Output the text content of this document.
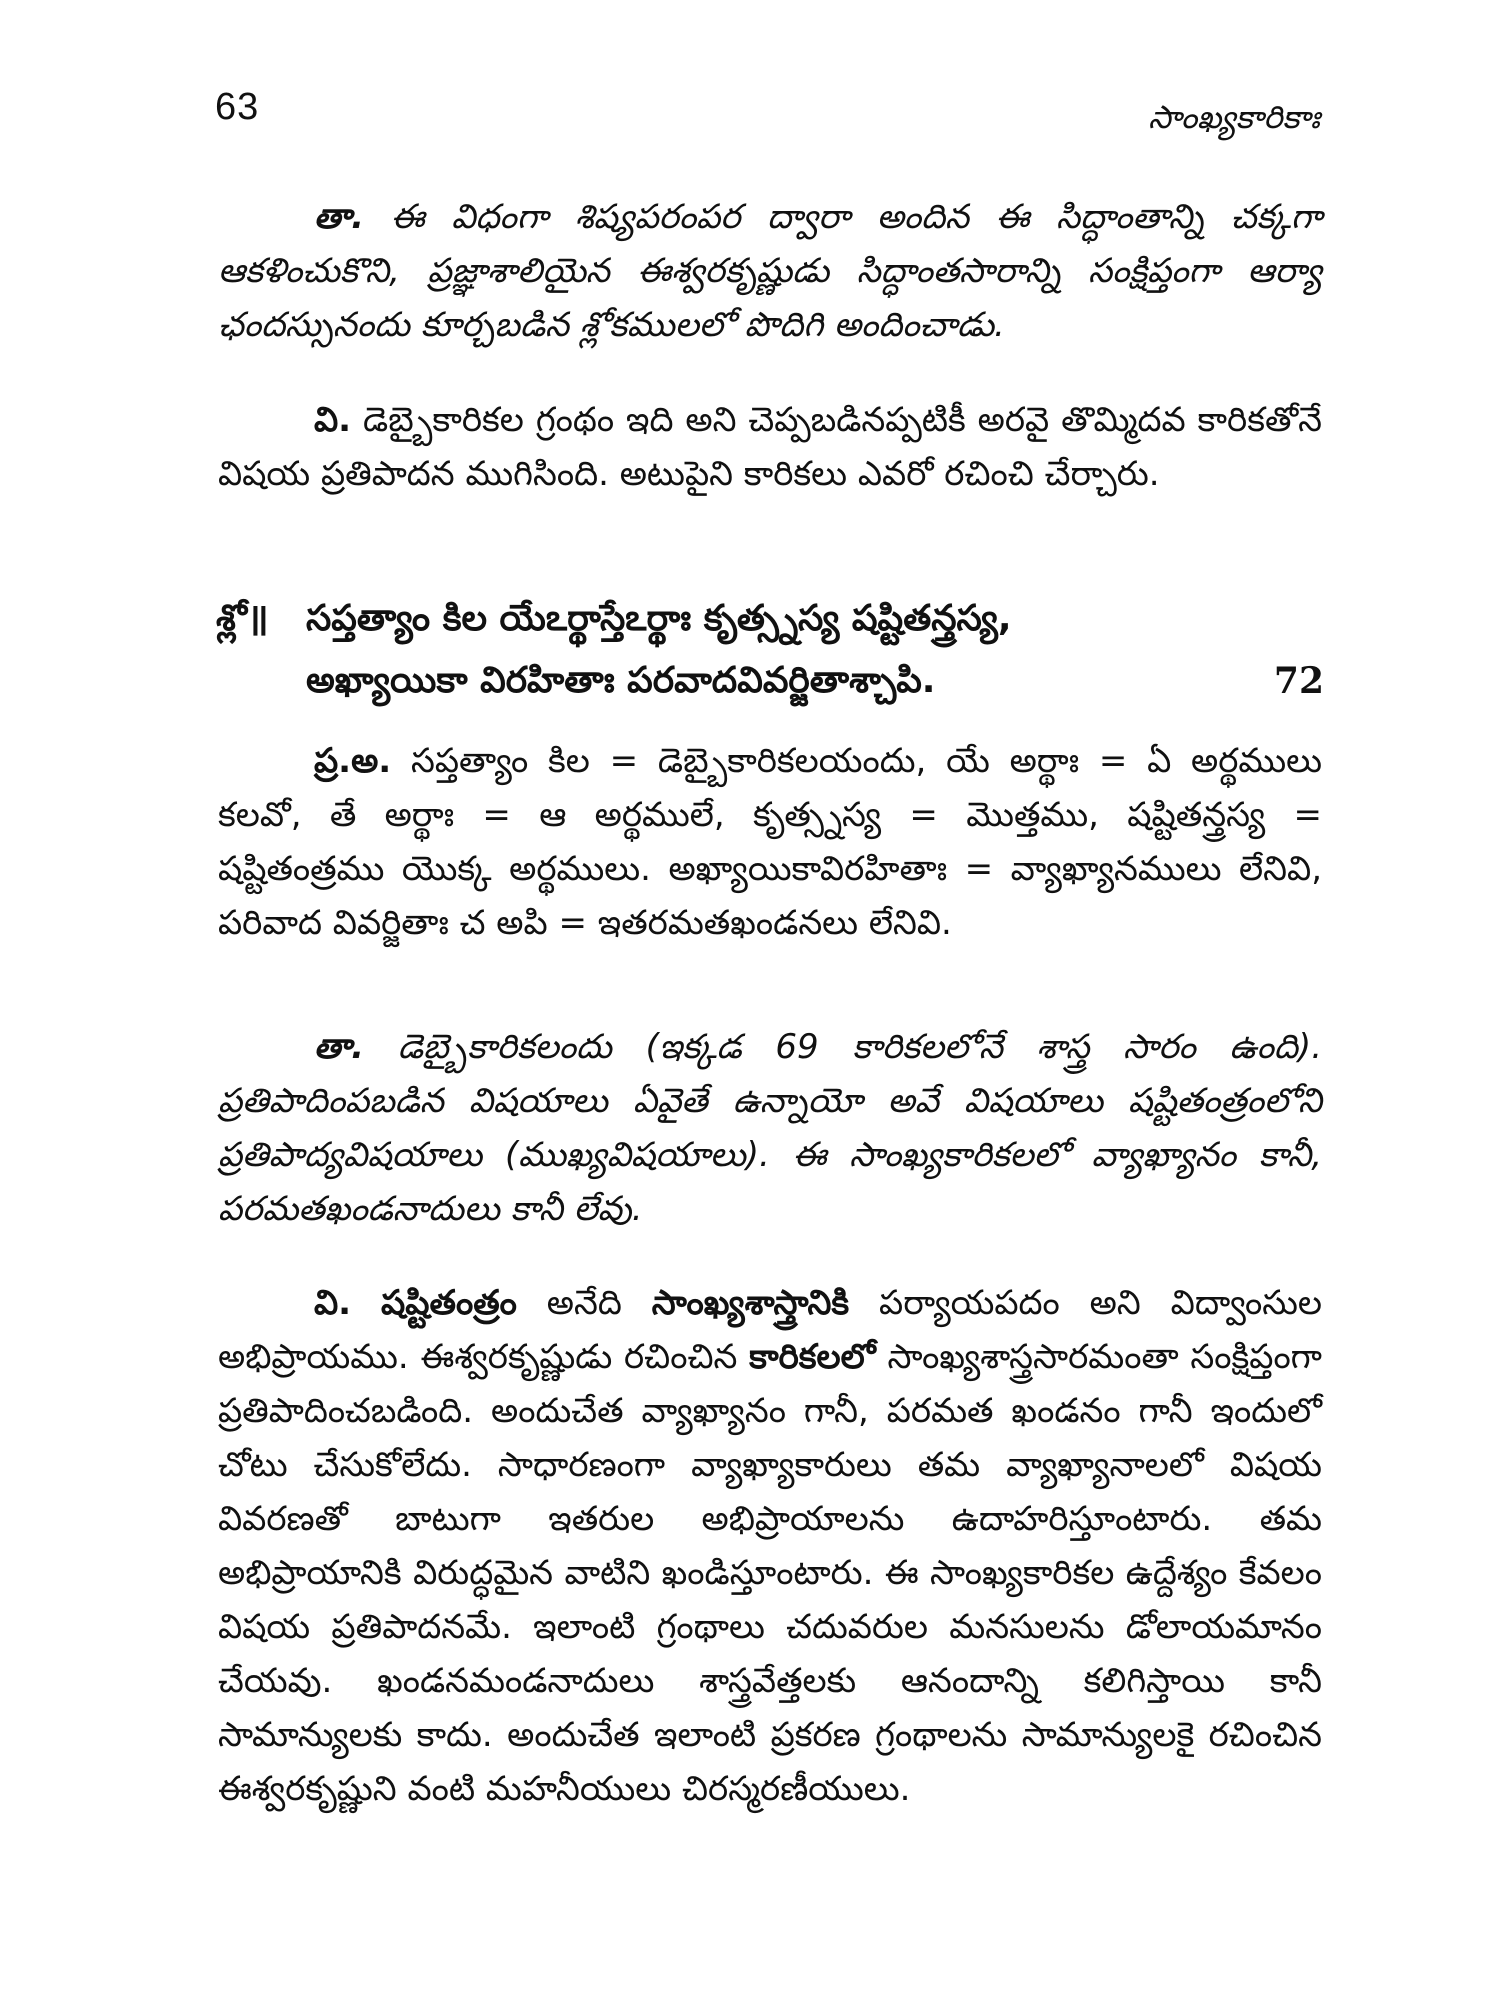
63	సాంఖ్యకారికాః

తా. ఈ విధంగా శిష్యపరంపర ద్వారా అందిన ఈ సిద్ధాంతాన్ని చక్కగా ఆకళించుకొని, ప్రజ్ఞాశాలియైన ఈశ్వరకృష్ణుడు సిద్ధాంతసారాన్ని సంక్షిప్తంగా ఆర్యా ఛందస్సునందు కూర్చబడిన శ్లోకములలో పొదిగి అందించాడు.

వి. డెబ్బైకారికల గ్రంథం ఇది అని చెప్పబడినప్పటికీ అరవై తొమ్మిదవ కారికతోనే విషయ ప్రతిపాదన ముగిసింది. అటుపైని కారికలు ఎవరో రచించి చేర్చారు.

శ్లో॥ సప్తత్యాం కిల యేఽర్థాస్తేఽర్థాః కృత్స్నస్య షష్టితన్త్రస్య,
అఖ్యాయికా విరహితాః పరవాదవివర్జితాశ్చాపి.	72

ప్ర.అ. సప్తత్యాం కిల = డెబ్బైకారికలయందు, యే అర్థాః = ఏ అర్థములు కలవో, తే అర్థాః = ఆ అర్థములే, కృత్స్నస్య = మొత్తము, షష్టితన్త్రస్య = షష్టితంత్రము యొక్క అర్థములు. అఖ్యాయికావిరహితాః = వ్యాఖ్యానములు లేనివి, పరివాద వివర్జితాః చ అపి = ఇతరమతఖండనలు లేనివి.

తా. డెబ్బైకారికలందు (ఇక్కడ 69 కారికలలోనే శాస్త్ర సారం ఉంది). ప్రతిపాదింపబడిన విషయాలు ఏవైతే ఉన్నాయో అవే విషయాలు షష్టితంత్రంలోని ప్రతిపాద్యవిషయాలు (ముఖ్యవిషయాలు). ఈ సాంఖ్యకారికలలో వ్యాఖ్యానం కానీ, పరమతఖండనాదులు కానీ లేవు.

వి. షష్టితంత్రం అనేది సాంఖ్యశాస్త్రానికి పర్యాయపదం అని విద్వాంసుల అభిప్రాయము. ఈశ్వరకృష్ణుడు రచించిన కారికలలో సాంఖ్యశాస్త్రసారమంతా సంక్షిప్తంగా ప్రతిపాదించబడింది. అందుచేత వ్యాఖ్యానం గానీ, పరమత ఖండనం గానీ ఇందులో చోటు చేసుకోలేదు. సాధారణంగా వ్యాఖ్యాకారులు తమ వ్యాఖ్యానాలలో విషయ వివరణతో బాటుగా ఇతరుల అభిప్రాయాలను ఉదాహరిస్తూంటారు. తమ అభిప్రాయానికి విరుద్ధమైన వాటిని ఖండిస్తూంటారు. ఈ సాంఖ్యకారికల ఉద్దేశ్యం కేవలం విషయ ప్రతిపాదనమే. ఇలాంటి గ్రంథాలు చదువరుల మనసులను డోలాయమానం చేయవు. ఖండనమండనాదులు శాస్త్రవేత్తలకు ఆనందాన్ని కలిగిస్తాయి కానీ సామాన్యులకు కాదు. అందుచేత ఇలాంటి ప్రకరణ గ్రంథాలను సామాన్యులకై రచించిన ఈశ్వరకృష్ణుని వంటి మహనీయులు చిరస్మరణీయులు.
